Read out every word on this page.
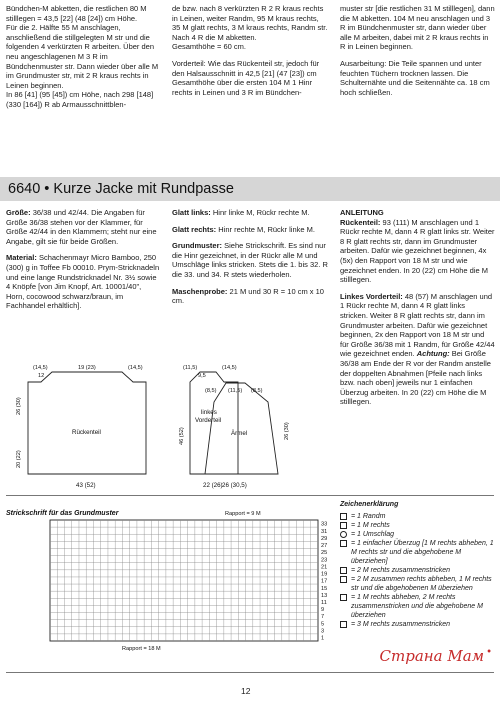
Bündchen-M abketten, die restlichen 80 M stilllegen = 43,5 [22] (48 [24]) cm Höhe.

Für die 2. Hälfte 55 M anschlagen, anschließend die stillgelegten M str und die folgenden 4 verkürzten R arbeiten. Über den neu angeschlagenen M 3 R im Bündchenmuster str. Dann wieder über alle M im Grundmuster str, mit 2 R kraus rechts in Leinen beginnen.

In 86 [41] (95 [45]) cm Höhe, nach 298 [148] (330 [164]) R ab Armausschnittblen-

de bzw. nach 8 verkürzten R 2 R kraus rechts in Leinen, weiter Randm, 95 M kraus rechts, 35 M glatt rechts, 3 M kraus rechts, Randm str. Nach 4 R die M abketten.

Gesamthöhe = 60 cm.

Vorderteil: Wie das Rückenteil str, jedoch für den Halsausschnitt in 42,5 [21] (47 [23]) cm Gesamthöhe über die ersten 104 M 1 Hinr rechts in Leinen und 3 R im Bündchen-

muster str [die restlichen 31 M stilllegen], dann die M abketten. 104 M neu anschlagen und 3 R im Bündchenmuster str, dann wieder über alle M arbeiten, dabei mit 2 R kraus rechts in R in Leinen beginnen.

Ausarbeitung: Die Teile spannen und unter feuchten Tüchern trocknen lassen. Die Schulternähte und die Seitennähte ca. 18 cm hoch schließen.

6640 • Kurze Jacke mit Rundpasse

Größe: 36/38 und 42/44. Die Angaben für Größe 36/38 stehen vor der Klammer, für Größe 42/44 in den Klammern; steht nur eine Angabe, gilt sie für beide Größen.

Material: Schachenmayr Micro Bamboo, 250 (300) g in Toffee Fb 00010. Prym-Stricknadeln und eine lange Rundstricknadel Nr. 3½ sowie 4 Knöpfe [von Jim Knopf, Art. 10001/40", Horn, cocowood schwarz/braun, im Fachhandel erhältlich].

Glatt links: Hinr linke M, Rückr rechte M.

Glatt rechts: Hinr rechte M, Rückr linke M.

Grundmuster: Siehe Strickschrift. Es sind nur die Hinr gezeichnet, in der Rückr alle M und Umschläge links stricken. Stets die 1. bis 32. R die 33. und 34. R stets wiederholen.

Maschenprobe: 21 M und 30 R = 10 cm x 10 cm.

ANLEITUNG

Rückenteil: 93 (111) M anschlagen und 1 Rückr rechte M, dann 4 R glatt links str. Weiter 8 R glatt rechts str, dann im Grundmuster arbeiten. Dafür wie gezeichnet beginnen, 4x (5x) den Rapport von 18 M str und wie gezeichnet enden. In 20 (22) cm Höhe die M stilllegen.

Linkes Vorderteil: 48 (57) M anschlagen und 1 Rückr rechte M, dann 4 R glatt links stricken. Weiter 8 R glatt rechts str, dann im Grundmuster arbeiten. Dafür wie gezeichnet beginnen, 2x den Rapport von 18 M str und für Größe 36/38 mit 1 Randm, für Größe 42/44 wie gezeichnet enden. Achtung: Bei Größe 36/38 am Ende der R vor der Randm anstelle der doppelten Abnahmen [Pfeile nach links bzw. nach oben] jeweils nur 1 einfachen Überzug arbeiten. In 20 (22) cm Höhe die M stilllegen.

Rückenteil
(14,5)	19 (23)	(14,5)
12
43 (52)
26 (30)
20 (22)
linkes
Vorderteil
(11,5)	(14,5)
9,5
22 (26)
46 (52)	Ärmel
(8,5) (11,5) (8,5)
26 (30,5)
26 (30)
Strickschrift für das Grundmuster	Rapport = 9 M
Rapport = 18 M
33
31
29
27
25
23
21
19
17
15
13
11
9
7
5
3
1

Zeichenerklärung

= 1 Randm
= 1 M rechts
= 1 Umschlag
= 1 einfacher Überzug [1 M rechts abheben, 1 M rechts str und die abgehobene M überziehen]
= 2 M rechts zusammenstricken
= 2 M zusammen rechts abheben, 1 M rechts str und die abgehobenen M überziehen
= 1 M rechts abheben, 2 M rechts zusammenstricken und die abgehobene M überziehen
= 3 M rechts zusammenstricken
12
Страна Мам •
